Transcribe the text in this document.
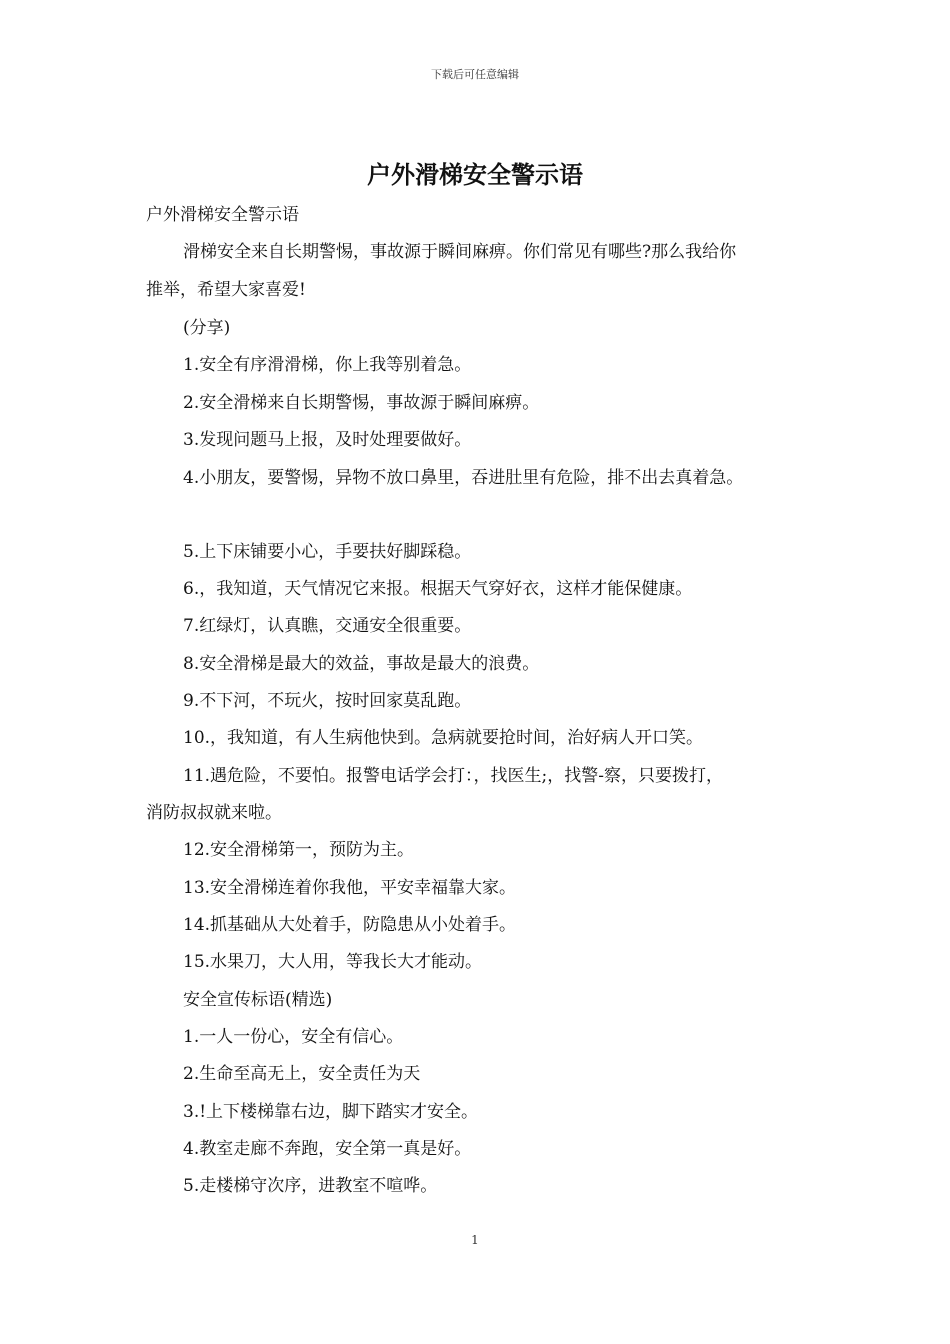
下载后可任意编辑
户外滑梯安全警示语
户外滑梯安全警示语
滑梯安全来自长期警惕，事故源于瞬间麻痹。你们常见有哪些?那么我给你
推举，希望大家喜爱!
(分享)
1.安全有序滑滑梯，你上我等别着急。
2.安全滑梯来自长期警惕，事故源于瞬间麻痹。
3.发现问题马上报，及时处理要做好。
4.小朋友，要警惕，异物不放口鼻里，吞进肚里有危险，排不出去真着急。
5.上下床铺要小心，手要扶好脚踩稳。
6.，我知道，天气情况它来报。根据天气穿好衣，这样才能保健康。
7.红绿灯，认真瞧，交通安全很重要。
8.安全滑梯是最大的效益，事故是最大的浪费。
9.不下河，不玩火，按时回家莫乱跑。
10.，我知道，有人生病他快到。急病就要抢时间，治好病人开口笑。
11.遇危险，不要怕。报警电话学会打：，找医生;，找警-察，只要拨打，
消防叔叔就来啦。
12.安全滑梯第一，预防为主。
13.安全滑梯连着你我他，平安幸福靠大家。
14.抓基础从大处着手，防隐患从小处着手。
15.水果刀，大人用，等我长大才能动。
安全宣传标语(精选)
1.一人一份心，安全有信心。
2.生命至高无上，安全责任为天
3.!上下楼梯靠右边，脚下踏实才安全。
4.教室走廊不奔跑，安全第一真是好。
5.走楼梯守次序，进教室不喧哗。
1
